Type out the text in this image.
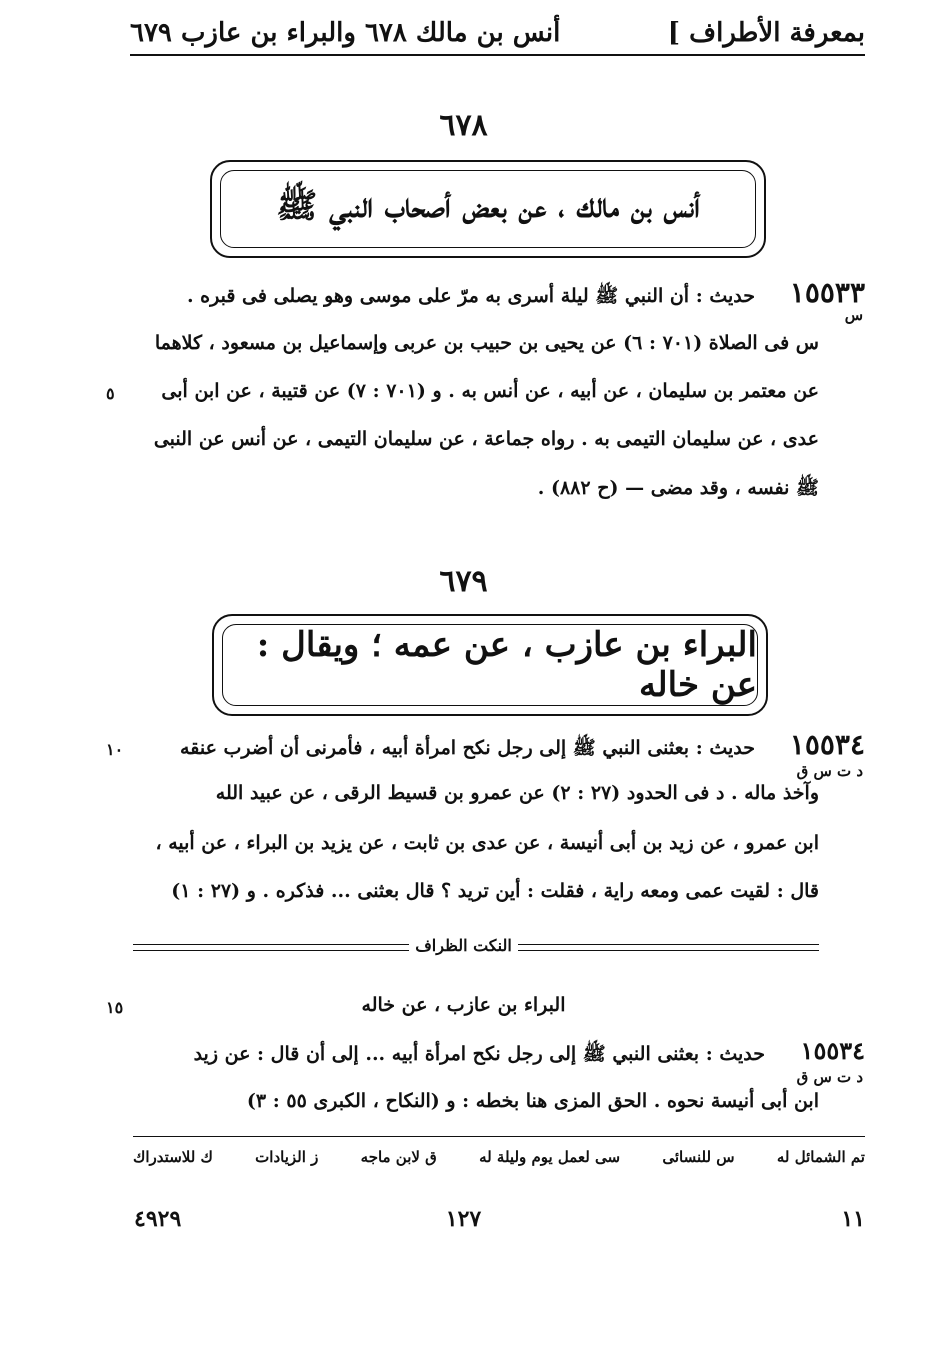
بمعرفة الأطراف ]
أنس بن مالك ٦٧٨ والبراء بن عازب ٦٧٩
٦٧٨
أنس بن مالك ، عن بعض أصحاب النبي ﷺ
١٥٥٣٣
س
حديث : أن النبي ﷺ ليلة أسرى به مرّ على موسى وهو يصلى فى قبره .
س فى الصلاة (٧٠١ : ٦) عن يحيى بن حبيب بن عربى وإسماعيل بن مسعود ، كلاهما
عن معتمر بن سليمان ، عن أبيه ، عن أنس به . و (٧٠١ : ٧) عن قتيبة ، عن ابن أبى
٥
عدى ، عن سليمان التيمى به . رواه جماعة ، عن سليمان التيمى ، عن أنس عن النبى
ﷺ نفسه ، وقد مضى — (ح ٨٨٢) .
٦٧٩
البراء بن عازب ، عن عمه ؛ ويقال : عن خاله
١٥٥٣٤
د ت س ق
حديث : بعثنى النبي ﷺ إلى رجل نكح امرأة أبيه ، فأمرنى أن أضرب عنقه
١٠
وآخذ ماله . د فى الحدود (٢٧ : ٢) عن عمرو بن قسيط الرقى ، عن عبيد الله
ابن عمرو ، عن زيد بن أبى أنيسة ، عن عدى بن ثابت ، عن يزيد بن البراء ، عن أبيه ،
قال : لقيت عمى ومعه راية ، فقلت : أين تريد ؟ قال بعثنى ... فذكره . و (٢٧ : ١)
النكت الظراف
البراء بن عازب ، عن خاله
١٥
١٥٥٣٤
د ت س ق
حديث : بعثنى النبي ﷺ إلى رجل نكح امرأة أبيه ... إلى أن قال : عن زيد
ابن أبى أنيسة نحوه . الحق المزى هنا بخطه : و (النكاح ، الكبرى ٥٥ : ٣)
تم الشمائل له
س للنسائى
سى لعمل يوم وليلة له
ق لابن ماجه
ز الزيادات
ك للاستدراك
١١
١٢٧
٤٩٢٩
